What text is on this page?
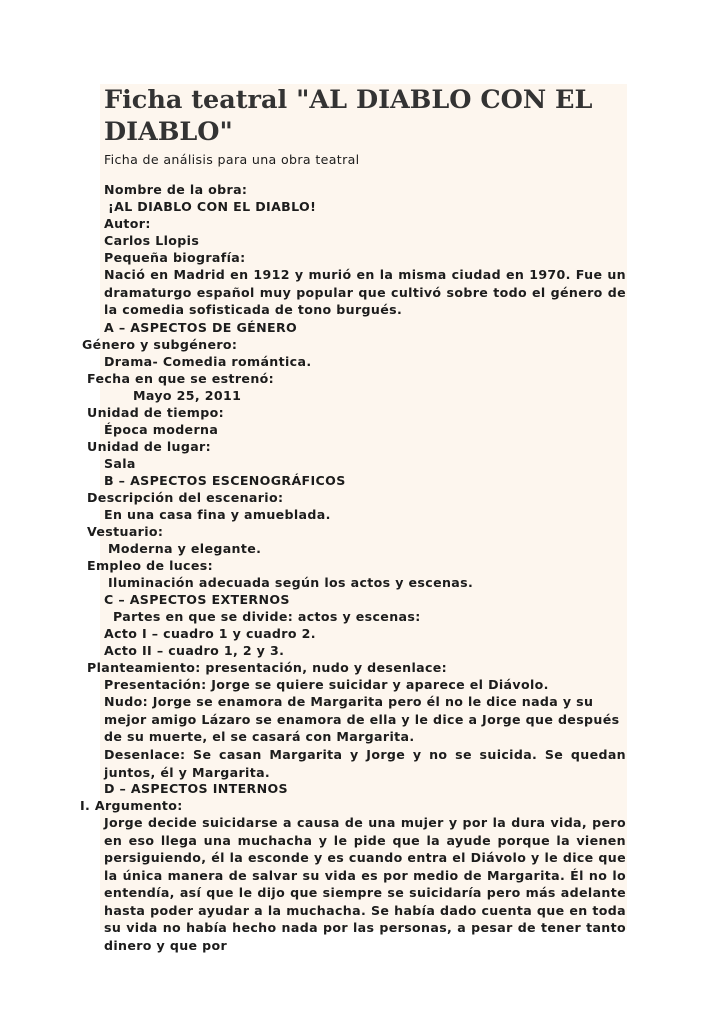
Ficha teatral "AL DIABLO CON EL DIABLO"
Ficha de análisis para una obra teatral
Nombre de la obra:
¡AL DIABLO CON EL DIABLO!
Autor:
Carlos Llopis
Pequeña biografía:
Nació en Madrid en 1912 y murió en la misma ciudad en 1970. Fue un dramaturgo español muy popular que cultivó sobre todo el género de la comedia sofisticada de tono burgués.
A – ASPECTOS DE GÉNERO
Género y subgénero:
Drama- Comedia romántica.
Fecha en que se estrenó:
Mayo 25, 2011
Unidad de tiempo:
Época moderna
Unidad de lugar:
Sala
B – ASPECTOS ESCENOGRÁFICOS
Descripción del escenario:
En una casa fina y amueblada.
Vestuario:
Moderna y elegante.
Empleo de luces:
Iluminación adecuada según los actos y escenas.
C – ASPECTOS EXTERNOS
Partes en que se divide: actos y escenas:
Acto I – cuadro 1 y cuadro 2.
Acto II – cuadro 1, 2 y 3.
Planteamiento: presentación, nudo y desenlace:
Presentación: Jorge se quiere suicidar y aparece el Diávolo.
Nudo: Jorge se enamora de Margarita pero él no le dice nada y su mejor amigo Lázaro se enamora de ella y le dice a Jorge que después de su muerte, el se casará con Margarita.
Desenlace: Se casan Margarita y Jorge y no se suicida. Se quedan juntos, él y Margarita.
D – ASPECTOS INTERNOS
I. Argumento:
Jorge decide suicidarse a causa de una mujer y por la dura vida, pero en eso llega una muchacha y le pide que la ayude porque la vienen persiguiendo, él la esconde y es cuando entra el Diávolo y le dice que la única manera de salvar su vida es por medio de Margarita. Él no lo entendía, así que le dijo que siempre se suicidaría pero más adelante hasta poder ayudar a la muchacha. Se había dado cuenta que en toda su vida no había hecho nada por las personas, a pesar de tener tanto dinero y que por
